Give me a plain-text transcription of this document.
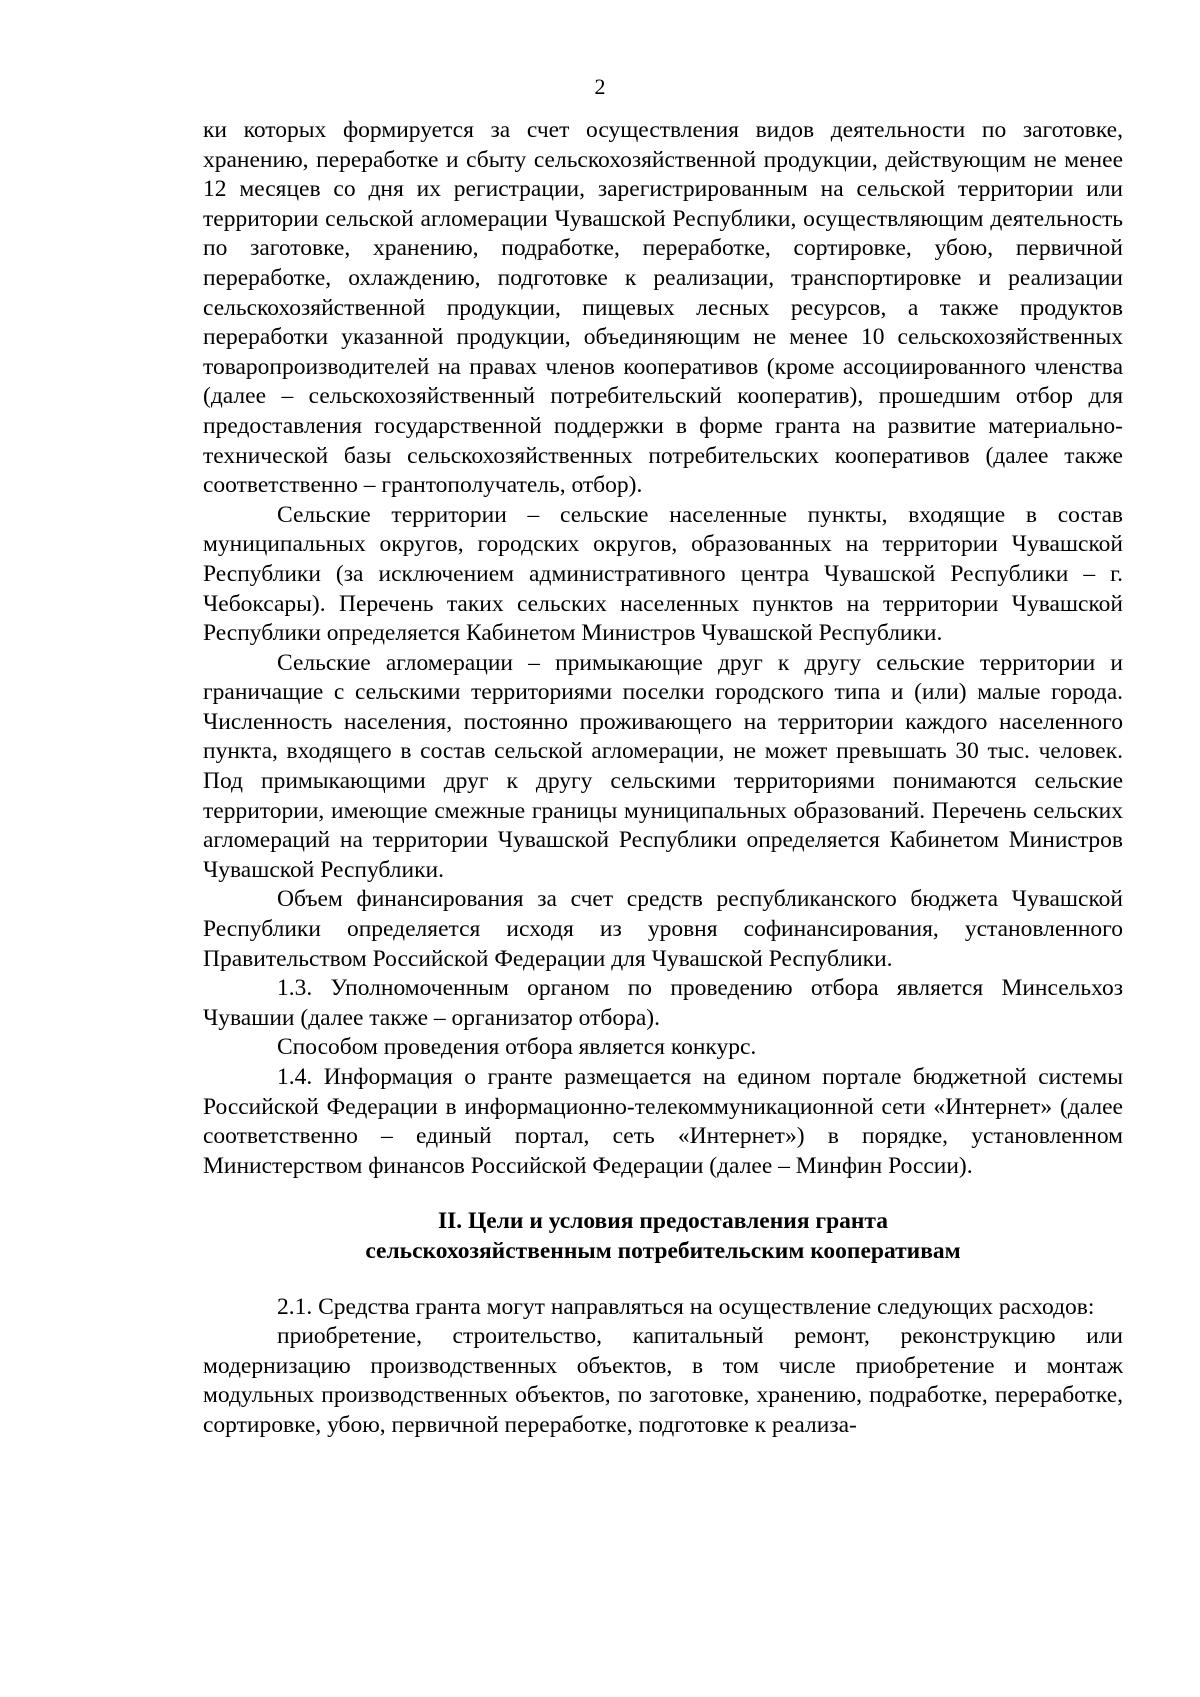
2

ки которых формируется за счет осуществления видов деятельности по заготовке, хранению, переработке и сбыту сельскохозяйственной продукции, действующим не менее 12 месяцев со дня их регистрации, зарегистрированным на сельской территории или территории сельской агломерации Чувашской Республики, осуществляющим деятельность по заготовке, хранению, подработке, переработке, сортировке, убою, первичной переработке, охлаждению, подготовке к реализации, транспортировке и реализации сельскохозяйственной продукции, пищевых лесных ресурсов, а также продуктов переработки указанной продукции, объединяющим не менее 10 сельскохозяйственных товаропроизводителей на правах членов кооперативов (кроме ассоциированного членства (далее – сельскохозяйственный потребительский кооператив), прошедшим отбор для предоставления государственной поддержки в форме гранта на развитие материально-технической базы сельскохозяйственных потребительских кооперативов (далее также соответственно – грантополучатель, отбор).

Сельские территории – сельские населенные пункты, входящие в состав муниципальных округов, городских округов, образованных на территории Чувашской Республики (за исключением административного центра Чувашской Республики – г. Чебоксары). Перечень таких сельских населенных пунктов на территории Чувашской Республики определяется Кабинетом Министров Чувашской Республики.

Сельские агломерации – примыкающие друг к другу сельские территории и граничащие с сельскими территориями поселки городского типа и (или) малые города. Численность населения, постоянно проживающего на территории каждого населенного пункта, входящего в состав сельской агломерации, не может превышать 30 тыс. человек. Под примыкающими друг к другу сельскими территориями понимаются сельские территории, имеющие смежные границы муниципальных образований. Перечень сельских агломераций на территории Чувашской Республики определяется Кабинетом Министров Чувашской Республики.

Объем финансирования за счет средств республиканского бюджета Чувашской Республики определяется исходя из уровня софинансирования, установленного Правительством Российской Федерации для Чувашской Республики.

1.3. Уполномоченным органом по проведению отбора является Минсельхоз Чувашии (далее также – организатор отбора).

Способом проведения отбора является конкурс.

1.4. Информация о гранте размещается на едином портале бюджетной системы Российской Федерации в информационно-телекоммуникационной сети «Интернет» (далее соответственно – единый портал, сеть «Интернет») в порядке, установленном Министерством финансов Российской Федерации (далее – Минфин России).

II. Цели и условия предоставления гранта
сельскохозяйственным потребительским кооперативам

2.1. Средства гранта могут направляться на осуществление следующих расходов:

приобретение, строительство, капитальный ремонт, реконструкцию или модернизацию производственных объектов, в том числе приобретение и монтаж модульных производственных объектов, по заготовке, хранению, подработке, переработке, сортировке, убою, первичной переработке, подготовке к реализа-
